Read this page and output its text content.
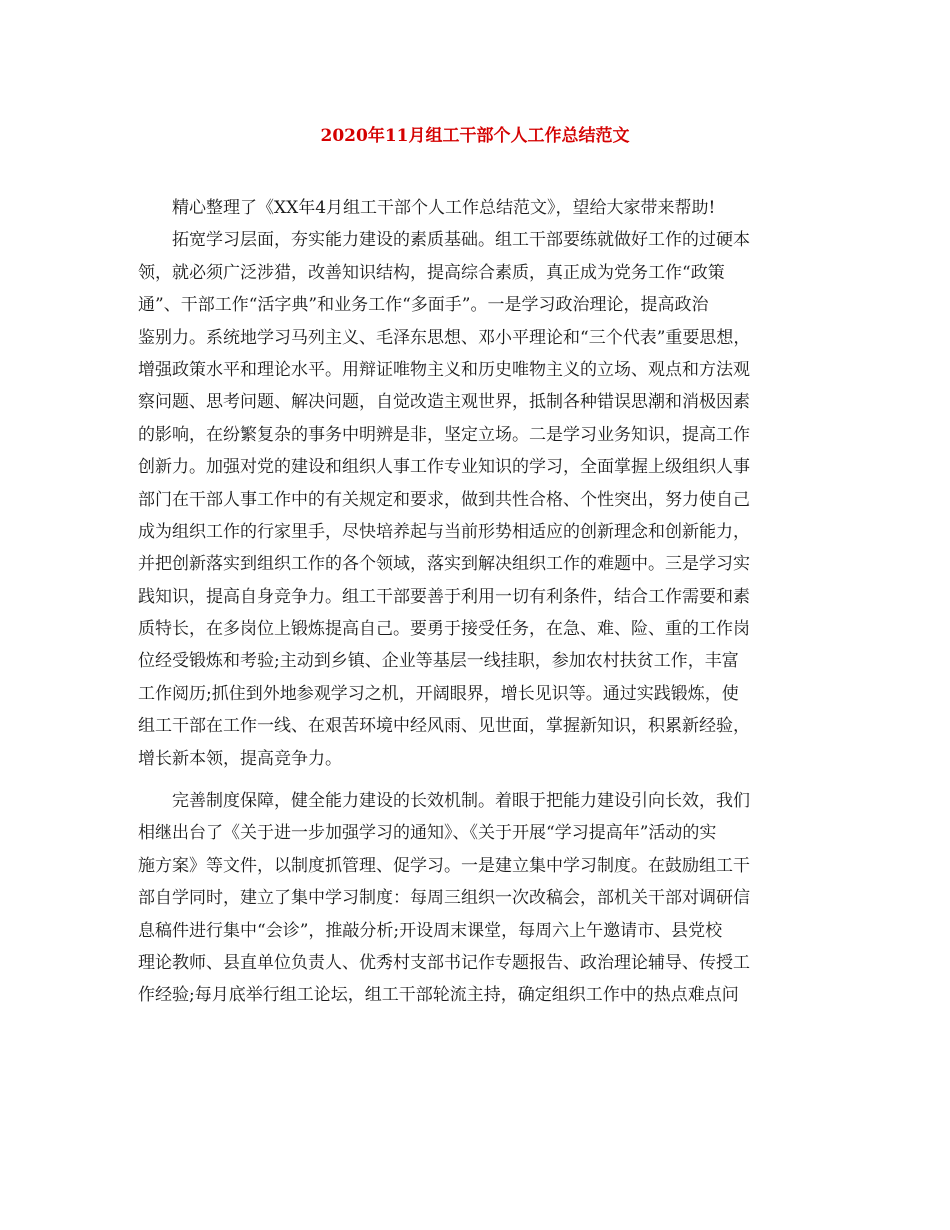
2020年11月组工干部个人工作总结范文
　　精心整理了《XX年4月组工干部个人工作总结范文》，望给大家带来帮助!
　　拓宽学习层面，夯实能力建设的素质基础。组工干部要练就做好工作的过硬本
领，就必须广泛涉猎，改善知识结构，提高综合素质，真正成为党务工作“政策
通”、干部工作“活字典”和业务工作“多面手”。一是学习政治理论，提高政治
鉴别力。系统地学习马列主义、毛泽东思想、邓小平理论和“三个代表”重要思想，
增强政策水平和理论水平。用辩证唯物主义和历史唯物主义的立场、观点和方法观
察问题、思考问题、解决问题，自觉改造主观世界，抵制各种错误思潮和消极因素
的影响，在纷繁复杂的事务中明辨是非，坚定立场。二是学习业务知识，提高工作
创新力。加强对党的建设和组织人事工作专业知识的学习，全面掌握上级组织人事
部门在干部人事工作中的有关规定和要求，做到共性合格、个性突出，努力使自己
成为组织工作的行家里手，尽快培养起与当前形势相适应的创新理念和创新能力，
并把创新落实到组织工作的各个领域，落实到解决组织工作的难题中。三是学习实
践知识，提高自身竞争力。组工干部要善于利用一切有利条件，结合工作需要和素
质特长，在多岗位上锻炼提高自己。要勇于接受任务，在急、难、险、重的工作岗
位经受锻炼和考验;主动到乡镇、企业等基层一线挂职，参加农村扶贫工作，丰富
工作阅历;抓住到外地参观学习之机，开阔眼界，增长见识等。通过实践锻炼，使
组工干部在工作一线、在艰苦环境中经风雨、见世面，掌握新知识，积累新经验，
增长新本领，提高竞争力。
　　完善制度保障，健全能力建设的长效机制。着眼于把能力建设引向长效，我们
相继出台了《关于进一步加强学习的通知》、《关于开展“学习提高年”活动的实
施方案》等文件，以制度抓管理、促学习。一是建立集中学习制度。在鼓励组工干
部自学同时，建立了集中学习制度：每周三组织一次改稿会，部机关干部对调研信
息稿件进行集中“会诊”，推敲分析;开设周末课堂，每周六上午邀请市、县党校
理论教师、县直单位负责人、优秀村支部书记作专题报告、政治理论辅导、传授工
作经验;每月底举行组工论坛，组工干部轮流主持，确定组织工作中的热点难点问
